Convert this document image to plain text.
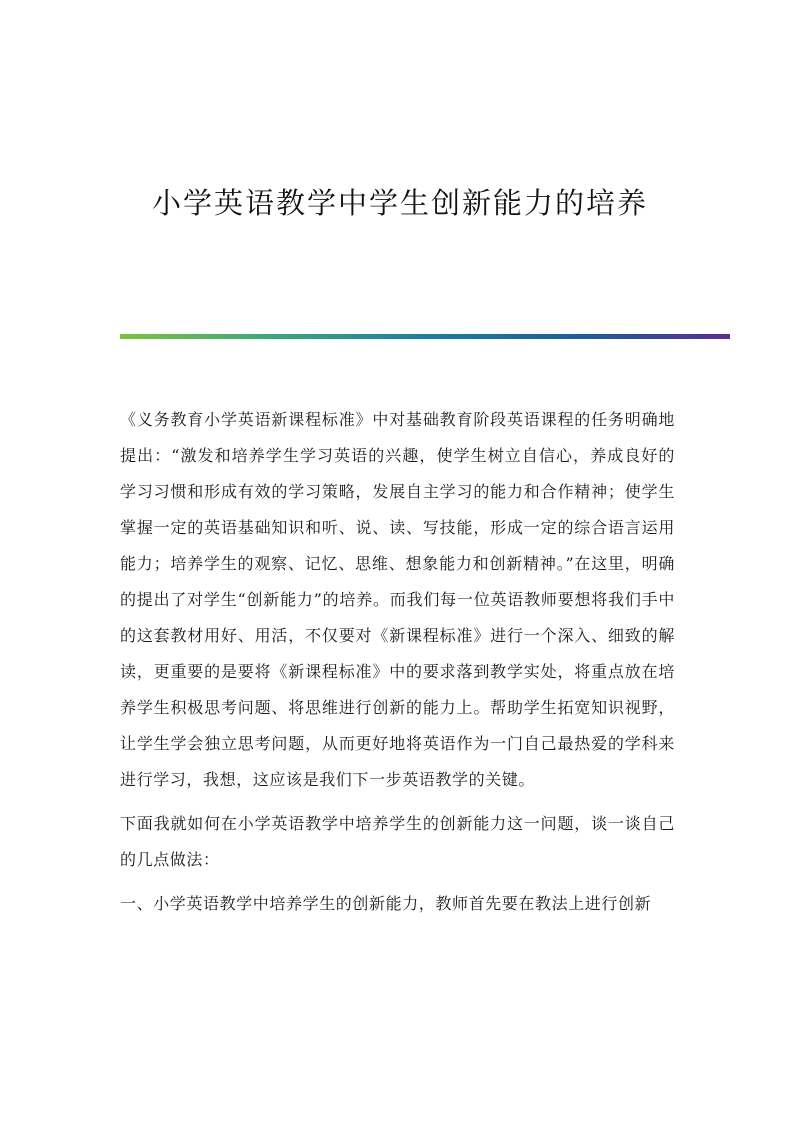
小学英语教学中学生创新能力的培养

《义务教育小学英语新课程标准》中对基础教育阶段英语课程的任务明确地提出：“激发和培养学生学习英语的兴趣，使学生树立自信心，养成良好的学习习惯和形成有效的学习策略，发展自主学习的能力和合作精神；使学生掌握一定的英语基础知识和听、说、读、写技能，形成一定的综合语言运用能力；培养学生的观察、记忆、思维、想象能力和创新精神。”在这里，明确的提出了对学生“创新能力”的培养。而我们每一位英语教师要想将我们手中的这套教材用好、用活，不仅要对《新课程标准》进行一个深入、细致的解读，更重要的是要将《新课程标准》中的要求落到教学实处，将重点放在培养学生积极思考问题、将思维进行创新的能力上。帮助学生拓宽知识视野，让学生学会独立思考问题，从而更好地将英语作为一门自己最热爱的学科来进行学习，我想，这应该是我们下一步英语教学的关键。

下面我就如何在小学英语教学中培养学生的创新能力这一问题，谈一谈自己的几点做法：

一、小学英语教学中培养学生的创新能力，教师首先要在教法上进行创新
